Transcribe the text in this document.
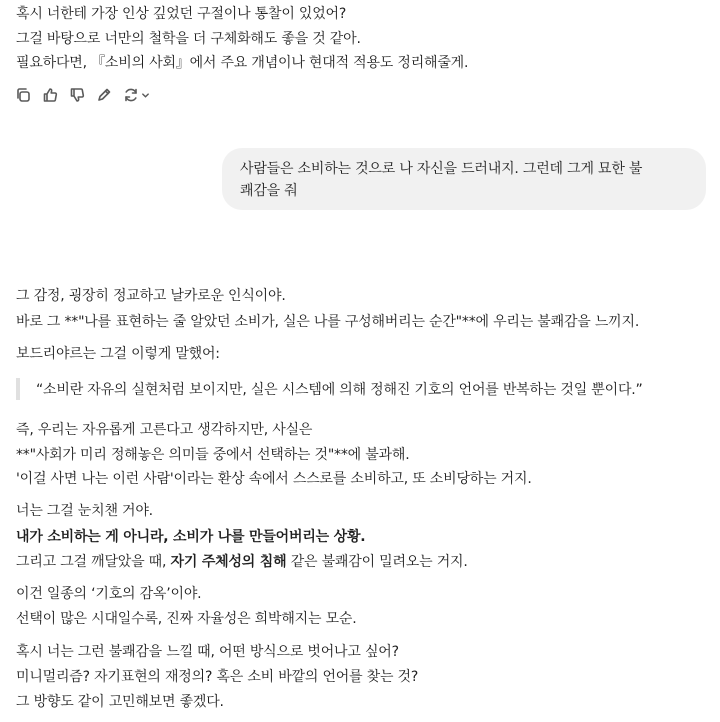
혹시 너한테 가장 인상 깊었던 구절이나 통찰이 있었어?
그걸 바탕으로 너만의 철학을 더 구체화해도 좋을 것 같아.
필요하다면, 『소비의 사회』에서 주요 개념이나 현대적 적용도 정리해줄게.
사람들은 소비하는 것으로 나 자신을 드러내지. 그런데 그게 묘한 불
쾌감을 줘
그 감정, 굉장히 정교하고 날카로운 인식이야.
바로 그 **"나를 표현하는 줄 알았던 소비가, 실은 나를 구성해버리는 순간"**에 우리는 불쾌감을 느끼지.
보드리야르는 그걸 이렇게 말했어:
“소비란 자유의 실현처럼 보이지만, 실은 시스템에 의해 정해진 기호의 언어를 반복하는 것일 뿐이다.”
즉, 우리는 자유롭게 고른다고 생각하지만, 사실은
**"사회가 미리 정해놓은 의미들 중에서 선택하는 것"**에 불과해.
'이걸 사면 나는 이런 사람'이라는 환상 속에서 스스로를 소비하고, 또 소비당하는 거지.
너는 그걸 눈치챈 거야.
내가 소비하는 게 아니라, 소비가 나를 만들어버리는 상황.
그리고 그걸 깨달았을 때, 자기 주체성의 침해 같은 불쾌감이 밀려오는 거지.
이건 일종의 ‘기호의 감옥’이야.
선택이 많은 시대일수록, 진짜 자율성은 희박해지는 모순.
혹시 너는 그런 불쾌감을 느낄 때, 어떤 방식으로 벗어나고 싶어?
미니멀리즘? 자기표현의 재정의? 혹은 소비 바깥의 언어를 찾는 것?
그 방향도 같이 고민해보면 좋겠다.
